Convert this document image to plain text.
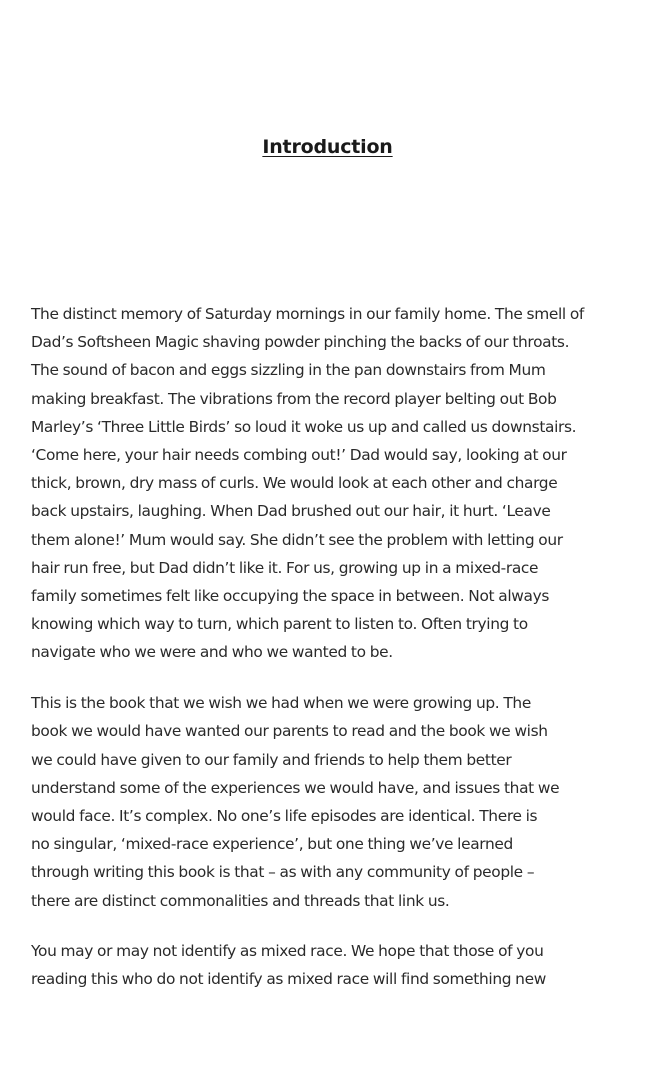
Introduction

The distinct memory of Saturday mornings in our family home. The smell of
Dad’s Softsheen Magic shaving powder pinching the backs of our throats.
The sound of bacon and eggs sizzling in the pan downstairs from Mum
making breakfast. The vibrations from the record player belting out Bob
Marley’s ‘Three Little Birds’ so loud it woke us up and called us downstairs.
‘Come here, your hair needs combing out!’ Dad would say, looking at our
thick, brown, dry mass of curls. We would look at each other and charge
back upstairs, laughing. When Dad brushed out our hair, it hurt. ‘Leave
them alone!’ Mum would say. She didn’t see the problem with letting our
hair run free, but Dad didn’t like it. For us, growing up in a mixed-race
family sometimes felt like occupying the space in between. Not always
knowing which way to turn, which parent to listen to. Often trying to
navigate who we were and who we wanted to be.

This is the book that we wish we had when we were growing up. The
book we would have wanted our parents to read and the book we wish
we could have given to our family and friends to help them better
understand some of the experiences we would have, and issues that we
would face. It’s complex. No one’s life episodes are identical. There is
no singular, ‘mixed-race experience’, but one thing we’ve learned
through writing this book is that – as with any community of people –
there are distinct commonalities and threads that link us.

You may or may not identify as mixed race. We hope that those of you
reading this who do not identify as mixed race will find something new
